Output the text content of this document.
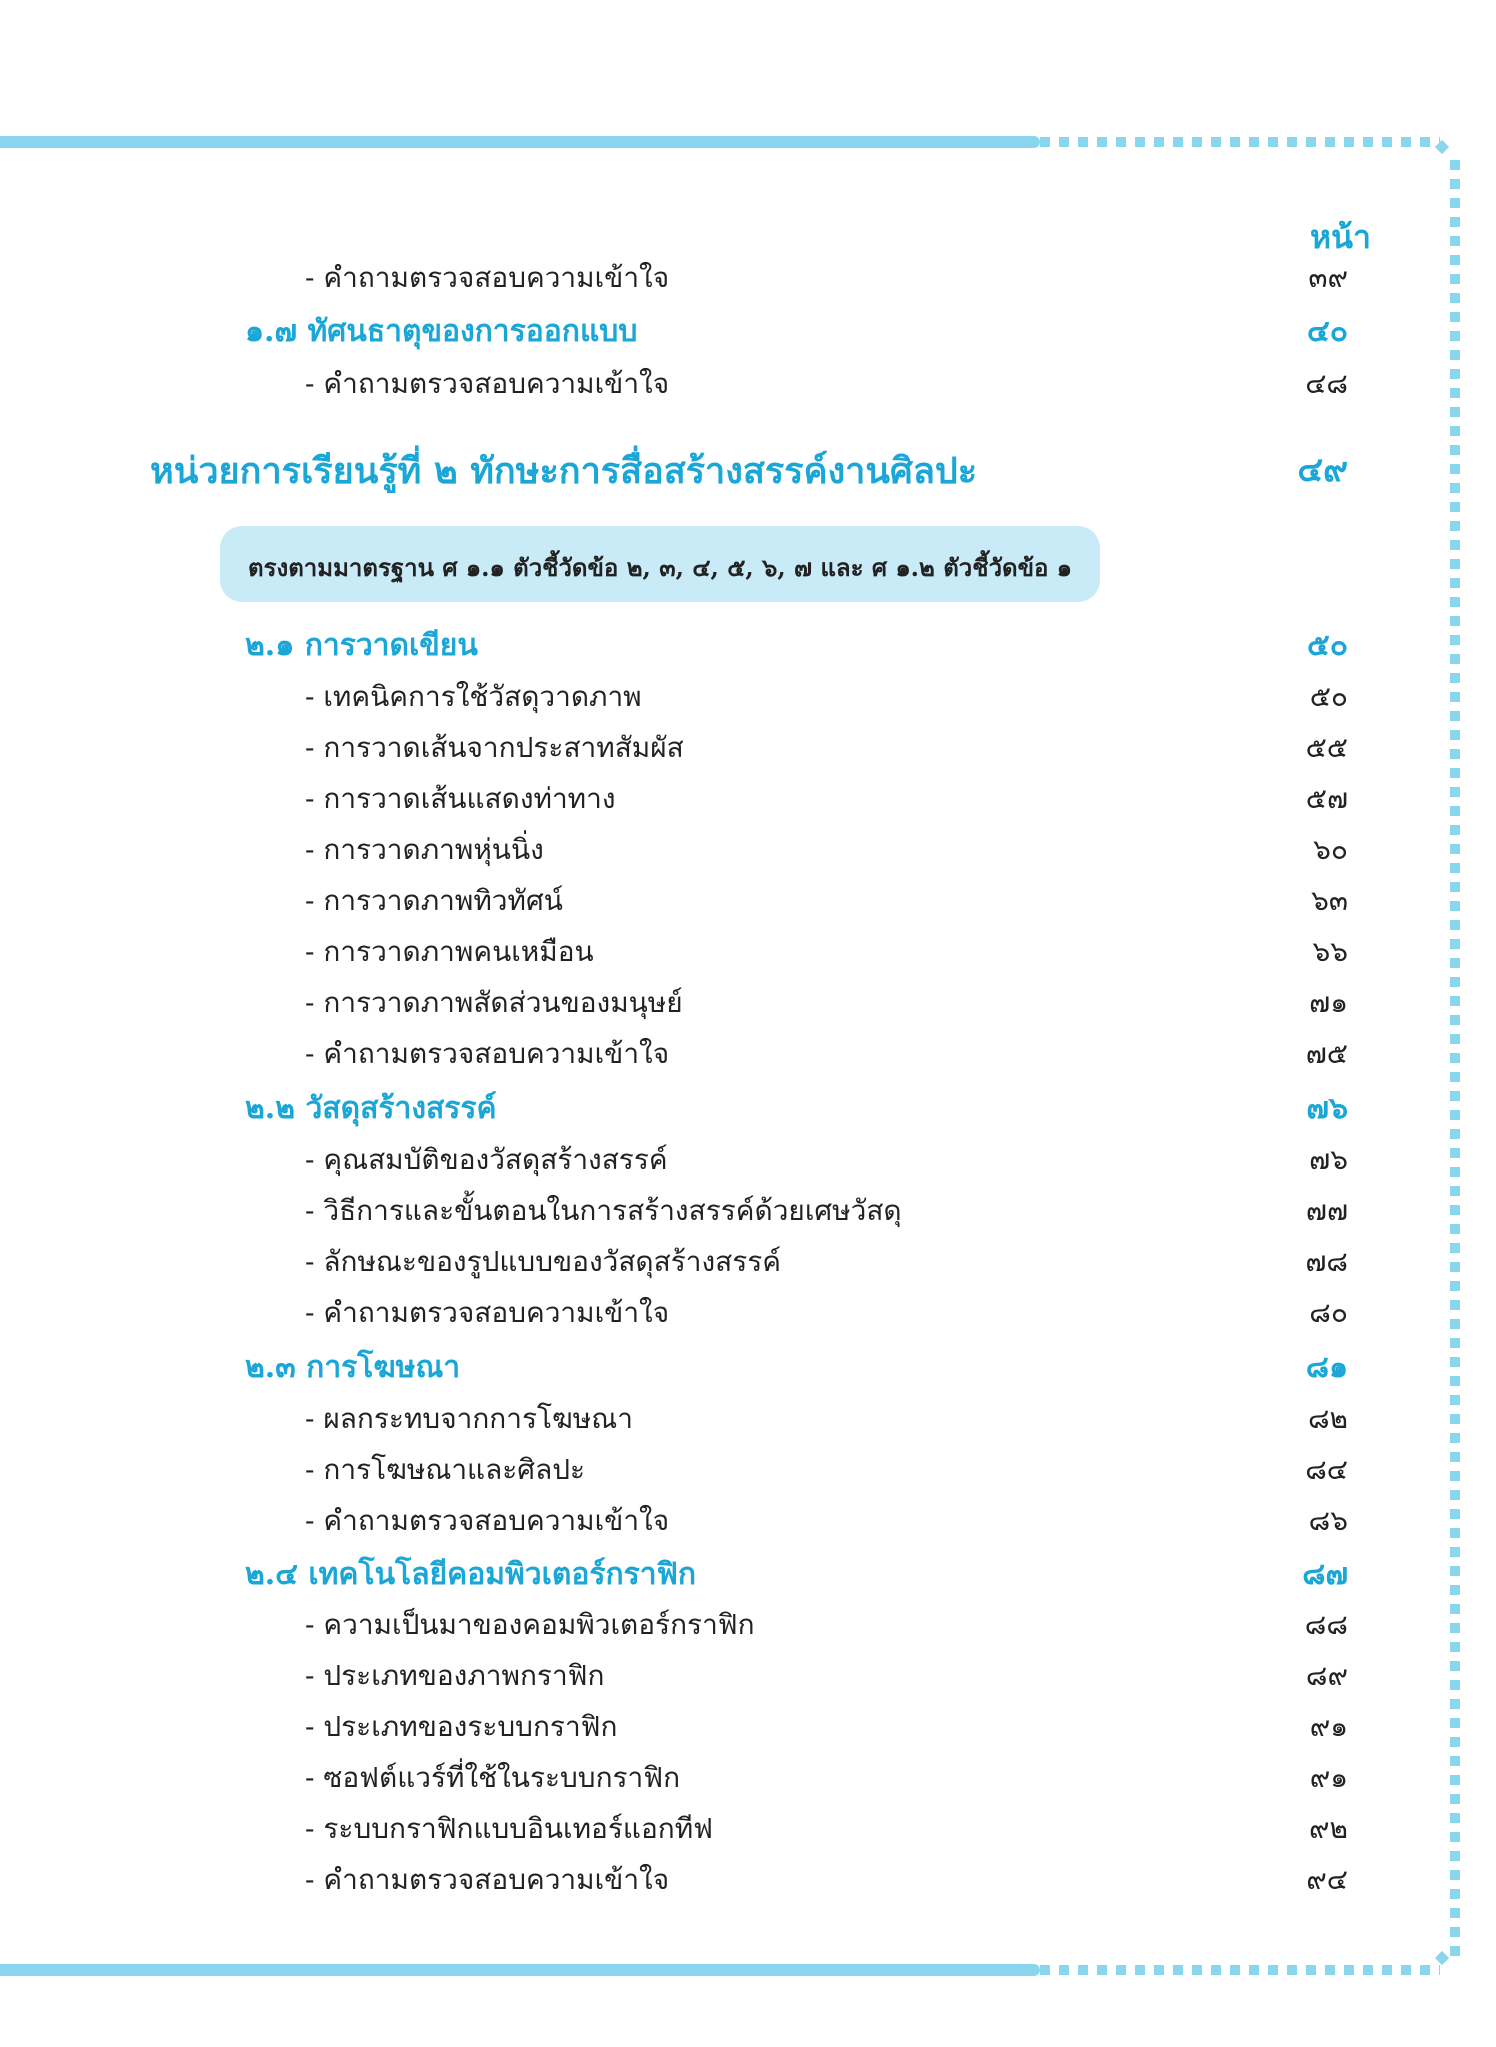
หน้า
- คำถามตรวจสอบความเข้าใจ	๓๙
๑.๗ ทัศนธาตุของการออกแบบ	๔๐
- คำถามตรวจสอบความเข้าใจ	๔๘
หน่วยการเรียนรู้ที่ ๒ ทักษะการสื่อสร้างสรรค์งานศิลปะ	๔๙
ตรงตามมาตรฐาน ศ ๑.๑ ตัวชี้วัดข้อ ๒, ๓, ๔, ๕, ๖, ๗ และ ศ ๑.๒ ตัวชี้วัดข้อ ๑
๒.๑ การวาดเขียน	๕๐
- เทคนิคการใช้วัสดุวาดภาพ	๕๐
- การวาดเส้นจากประสาทสัมผัส	๕๕
- การวาดเส้นแสดงท่าทาง	๕๗
- การวาดภาพหุ่นนิ่ง	๖๐
- การวาดภาพทิวทัศน์	๖๓
- การวาดภาพคนเหมือน	๖๖
- การวาดภาพสัดส่วนของมนุษย์	๗๑
- คำถามตรวจสอบความเข้าใจ	๗๕
๒.๒ วัสดุสร้างสรรค์	๗๖
- คุณสมบัติของวัสดุสร้างสรรค์	๗๖
- วิธีการและขั้นตอนในการสร้างสรรค์ด้วยเศษวัสดุ	๗๗
- ลักษณะของรูปแบบของวัสดุสร้างสรรค์	๗๘
- คำถามตรวจสอบความเข้าใจ	๘๐
๒.๓ การโฆษณา	๘๑
- ผลกระทบจากการโฆษณา	๘๒
- การโฆษณาและศิลปะ	๘๔
- คำถามตรวจสอบความเข้าใจ	๘๖
๒.๔ เทคโนโลยีคอมพิวเตอร์กราฟิก	๘๗
- ความเป็นมาของคอมพิวเตอร์กราฟิก	๘๘
- ประเภทของภาพกราฟิก	๘๙
- ประเภทของระบบกราฟิก	๙๑
- ซอฟต์แวร์ที่ใช้ในระบบกราฟิก	๙๑
- ระบบกราฟิกแบบอินเทอร์แอกทีฟ	๙๒
- คำถามตรวจสอบความเข้าใจ	๙๔
